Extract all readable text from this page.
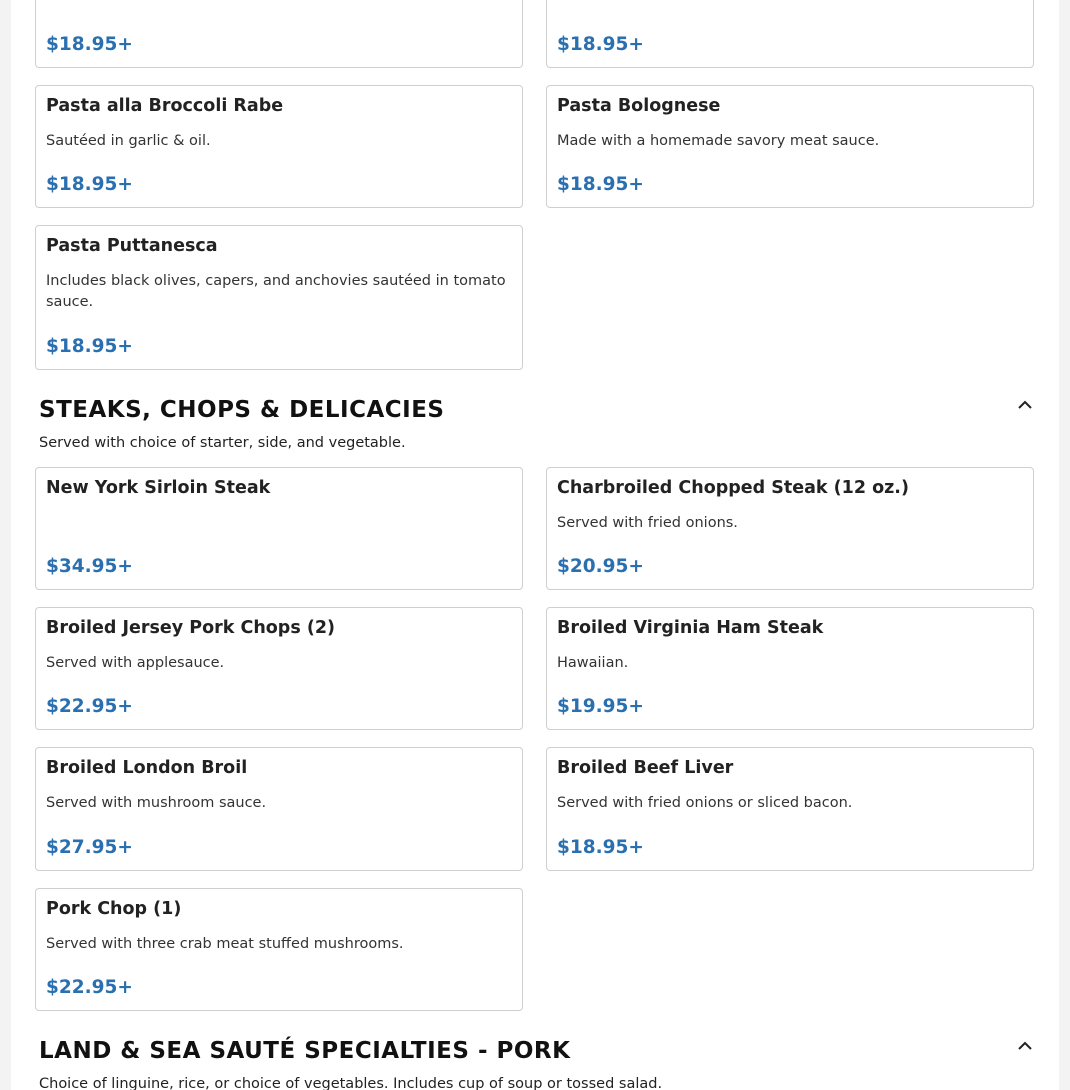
$18.95+	$18.95+
Pasta alla Broccoli Rabe
Sautéed in garlic & oil.
$18.95+
Pasta Bolognese
Made with a homemade savory meat sauce.
$18.95+
Pasta Puttanesca
Includes black olives, capers, and anchovies sautéed in tomato sauce.
$18.95+
STEAKS, CHOPS & DELICACIES
Served with choice of starter, side, and vegetable.
New York Sirloin Steak
$34.95+
Charbroiled Chopped Steak (12 oz.)
Served with fried onions.
$20.95+
Broiled Jersey Pork Chops (2)
Served with applesauce.
$22.95+
Broiled Virginia Ham Steak
Hawaiian.
$19.95+
Broiled London Broil
Served with mushroom sauce.
$27.95+
Broiled Beef Liver
Served with fried onions or sliced bacon.
$18.95+
Pork Chop (1)
Served with three crab meat stuffed mushrooms.
$22.95+
LAND & SEA SAUTÉ SPECIALTIES - PORK
Choice of linguine, rice, or choice of vegetables. Includes cup of soup or tossed salad.
